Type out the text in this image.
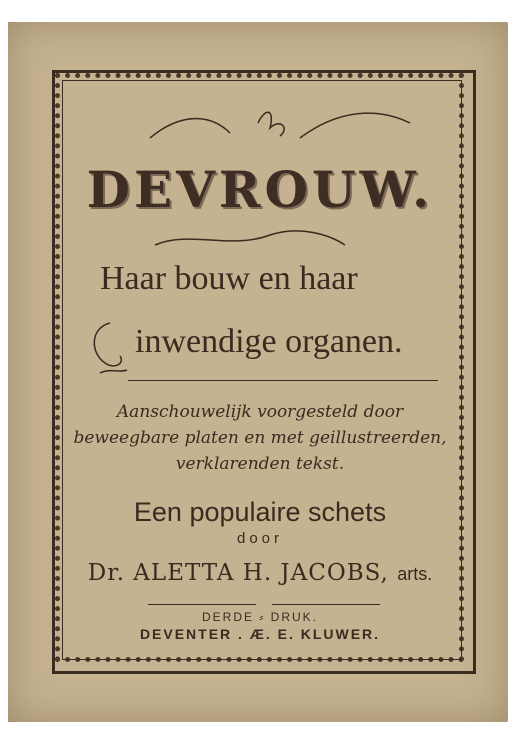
DEVROUW.
Haar bouw en haar
inwendige organen.
Aanschouwelijk voorgesteld door
beweegbare platen en met geillustreerden,
verklarenden tekst.
Een populaire schets
door
Dr. ALETTA H. JACOBS, arts.
DERDE ⸗ DRUK.
DEVENTER . Æ. E. KLUWER.
